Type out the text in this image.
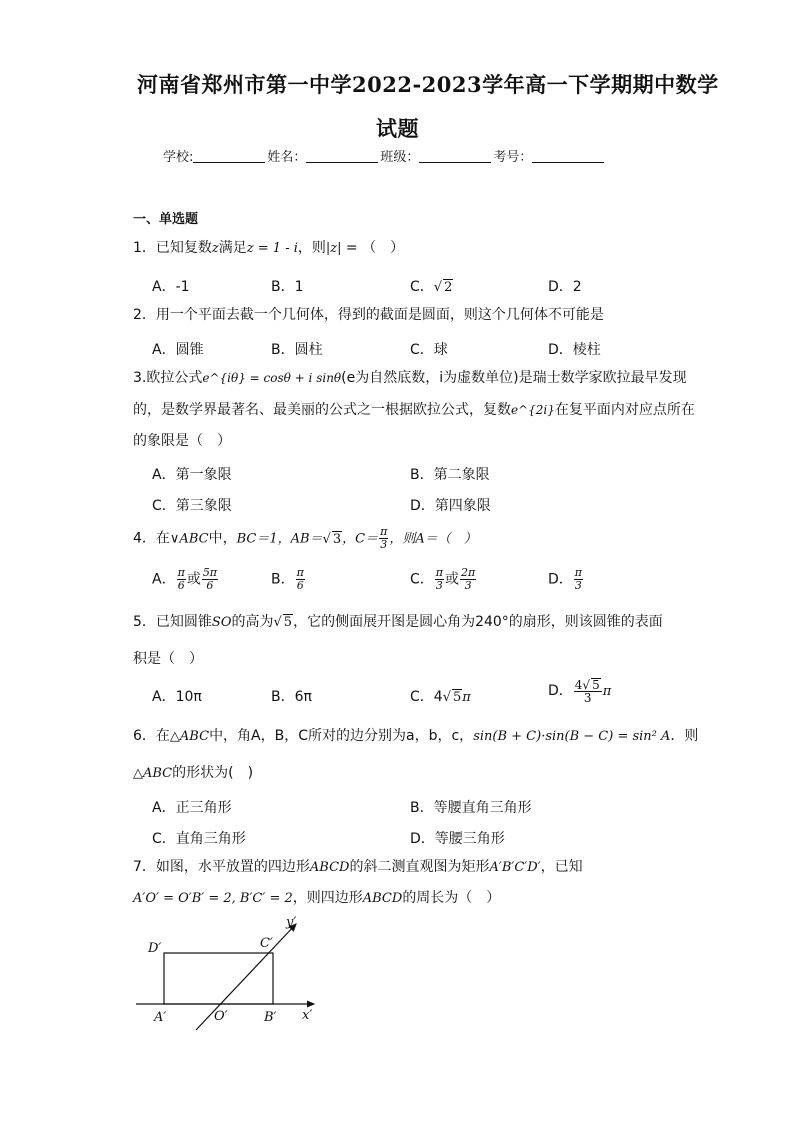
河南省郑州市第一中学2022-2023学年高一下学期期中数学
试题
学校:	姓名：	班级：	考号：
一、单选题
1．已知复数z满足z = 1 - i，则|z| = （　）
A．-1	B．1	C．√ 2	D．2
2．用一个平面去截一个几何体，得到的截面是圆面，则这个几何体不可能是
A．圆锥	B．圆柱	C．球	D．棱柱
3.欧拉公式e^{iθ} = cosθ + i sinθ(e为自然底数，i为虚数单位)是瑞士数学家欧拉最早发现
的，是数学界最著名、最美丽的公式之一根据欧拉公式，复数e^{2i}在复平面内对应点所在
的象限是（　）
A．第一象限	B．第二象限
C．第三象限	D．第四象限
4．在∨ABC中，BC＝1，AB＝√ 3，$C= \frac{\pi}{3}$ ，则A＝（　）
A． $\frac{\pi}{6}$ 或 $\frac{5\pi}{6}$	B． $\frac{\pi}{6}$	C． $\frac{\pi}{3}$ 或 $\frac{2\pi}{3}$	D． $\frac{\pi}{3}$
5．已知圆锥SO的高为√ 5，它的侧面展开图是圆心角为240°的扇形，则该圆锥的表面
积是（　）
A．10π	B．6π	C．4√ 5π	D． $\frac{4√ 5}{3}$ π
6．在△ABC中，角A，B，C所对的边分别为a，b，c，sin(B + C)·sin(B − C) = sin² A．则
△ABC的形状为(　)
A．正三角形	B．等腰直角三角形
C．直角三角形	D．等腰三角形
7．如图，水平放置的四边形ABCD的斜二测直观图为矩形A′B′C′D′，已知
A′O′ = O′B′ = 2, B′C′ = 2，则四边形ABCD的周长为（　）
D′	C′
A′	O′	B′ x′
y′
